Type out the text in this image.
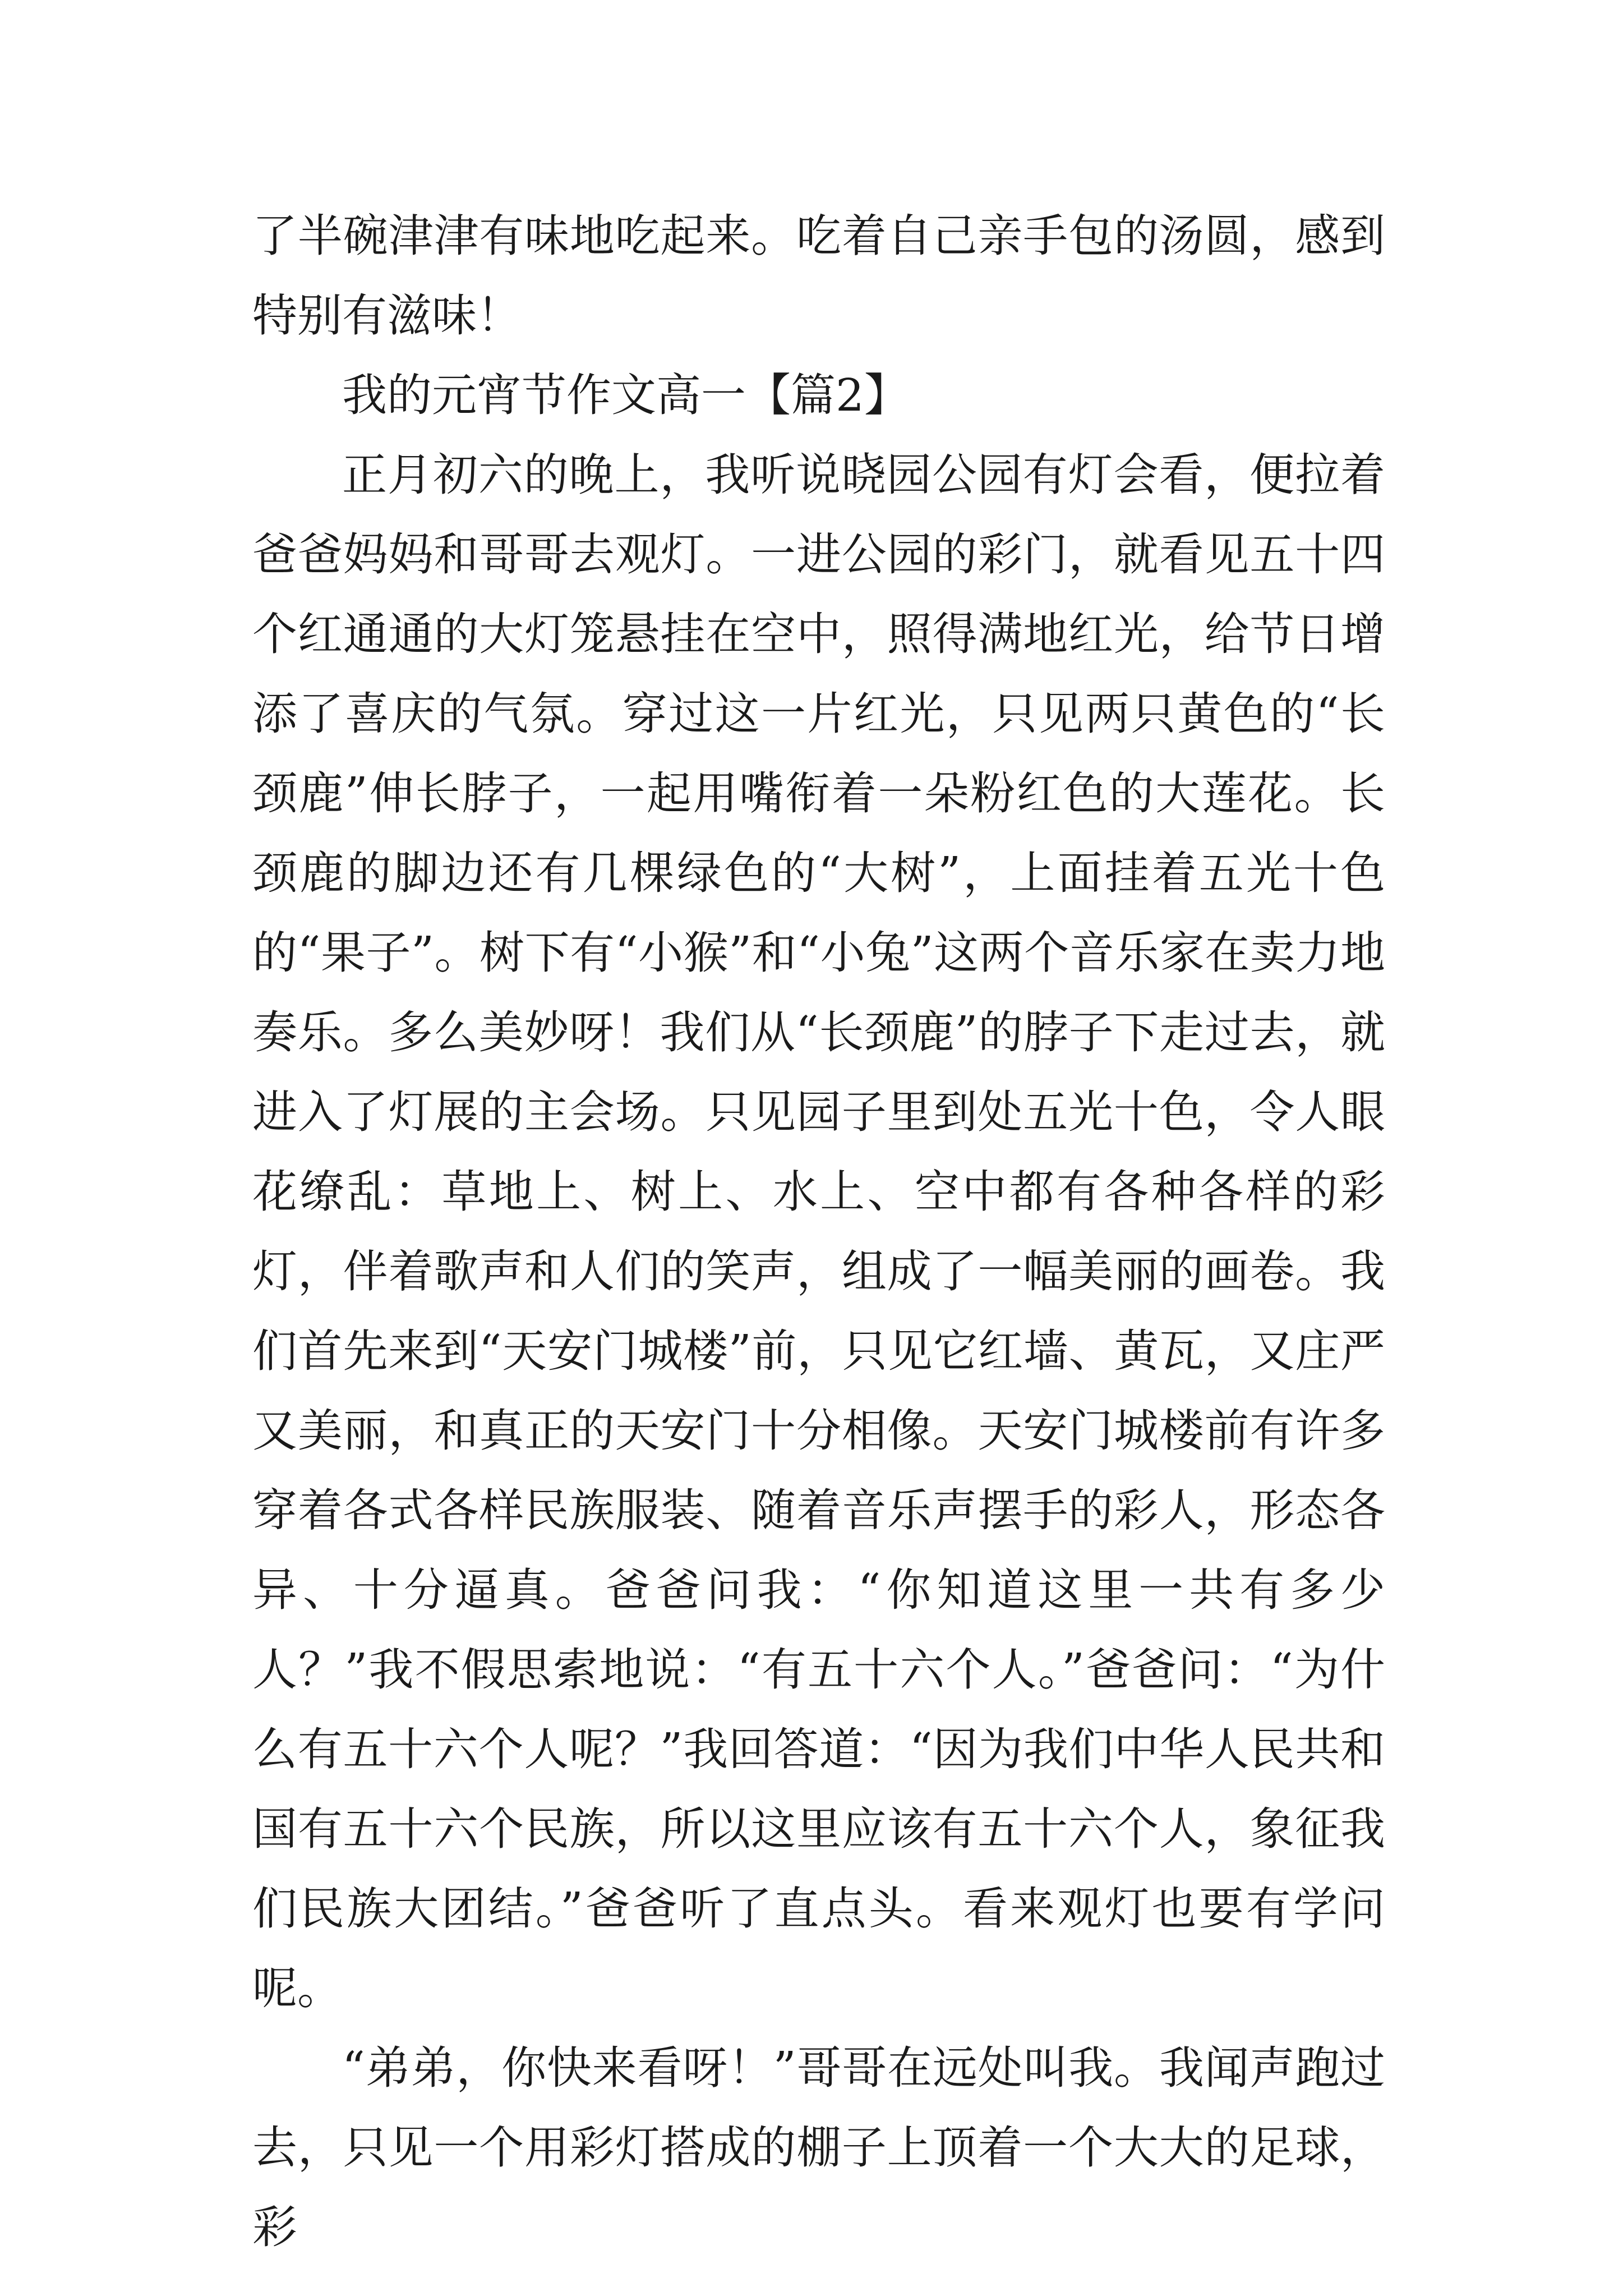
了半碗津津有味地吃起来。吃着自己亲手包的汤圆，感到特别有滋味！

我的元宵节作文高一【篇2】

正月初六的晚上，我听说晓园公园有灯会看，便拉着爸爸妈妈和哥哥去观灯。一进公园的彩门，就看见五十四个红通通的大灯笼悬挂在空中，照得满地红光，给节日增添了喜庆的气氛。穿过这一片红光，只见两只黄色的“长颈鹿”伸长脖子，一起用嘴衔着一朵粉红色的大莲花。长颈鹿的脚边还有几棵绿色的“大树”，上面挂着五光十色的“果子”。树下有“小猴”和“小兔”这两个音乐家在卖力地奏乐。多么美妙呀！我们从“长颈鹿”的脖子下走过去，就进入了灯展的主会场。只见园子里到处五光十色，令人眼花缭乱：草地上、树上、水上、空中都有各种各样的彩灯，伴着歌声和人们的笑声，组成了一幅美丽的画卷。我们首先来到“天安门城楼”前，只见它红墙、黄瓦，又庄严又美丽，和真正的天安门十分相像。天安门城楼前有许多穿着各式各样民族服装、随着音乐声摆手的彩人，形态各异、十分逼真。爸爸问我：“你知道这里一共有多少人？”我不假思索地说：“有五十六个人。”爸爸问：“为什么有五十六个人呢？”我回答道：“因为我们中华人民共和国有五十六个民族，所以这里应该有五十六个人，象征我们民族大团结。”爸爸听了直点头。看来观灯也要有学问呢。

“弟弟，你快来看呀！”哥哥在远处叫我。我闻声跑过去，只见一个用彩灯搭成的棚子上顶着一个大大的足球，彩
